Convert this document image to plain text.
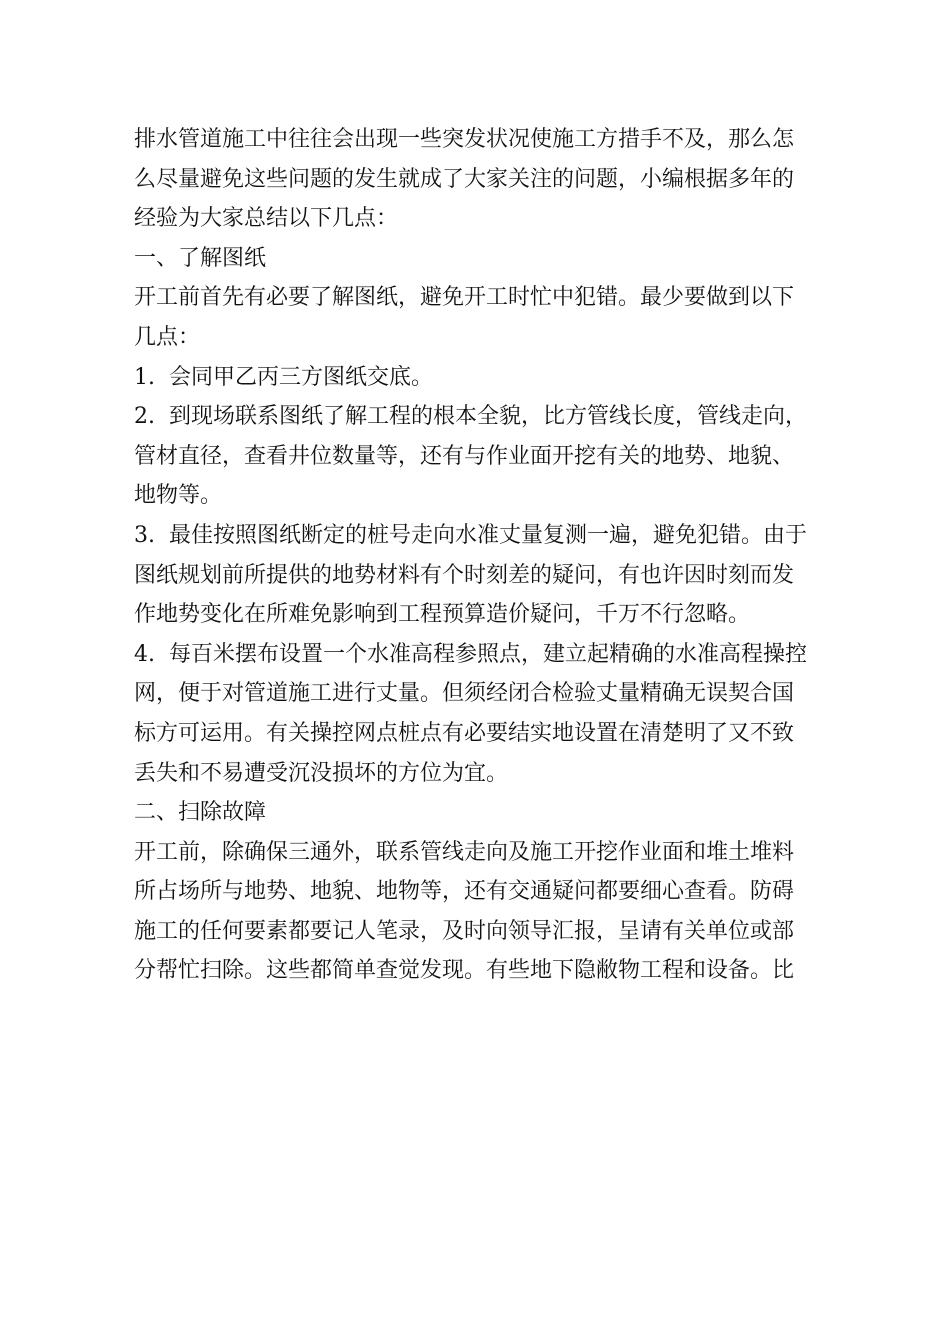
排水管道施工中往往会出现一些突发状况使施工方措手不及，那么怎
么尽量避免这些问题的发生就成了大家关注的问题，小编根据多年的
经验为大家总结以下几点：
一、了解图纸
开工前首先有必要了解图纸，避免开工时忙中犯错。最少要做到以下
几点：
1.  会同甲乙丙三方图纸交底。
2.  到现场联系图纸了解工程的根本全貌，比方管线长度，管线走向，
管材直径，查看井位数量等，还有与作业面开挖有关的地势、地貌、
地物等。
3.  最佳按照图纸断定的桩号走向水准丈量复测一遍，避免犯错。由于
图纸规划前所提供的地势材料有个时刻差的疑问，有也许因时刻而发
作地势变化在所难免影响到工程预算造价疑问，千万不行忽略。
4.  每百米摆布设置一个水准高程参照点，建立起精确的水准高程操控
网，便于对管道施工进行丈量。但须经闭合检验丈量精确无误契合国
标方可运用。有关操控网点桩点有必要结实地设置在清楚明了又不致
丢失和不易遭受沉没损坏的方位为宜。
二、扫除故障
开工前，除确保三通外，联系管线走向及施工开挖作业面和堆土堆料
所占场所与地势、地貌、地物等，还有交通疑问都要细心查看。防碍
施工的任何要素都要记人笔录，及时向领导汇报，呈请有关单位或部
分帮忙扫除。这些都简单查觉发现。有些地下隐敝物工程和设备。比
